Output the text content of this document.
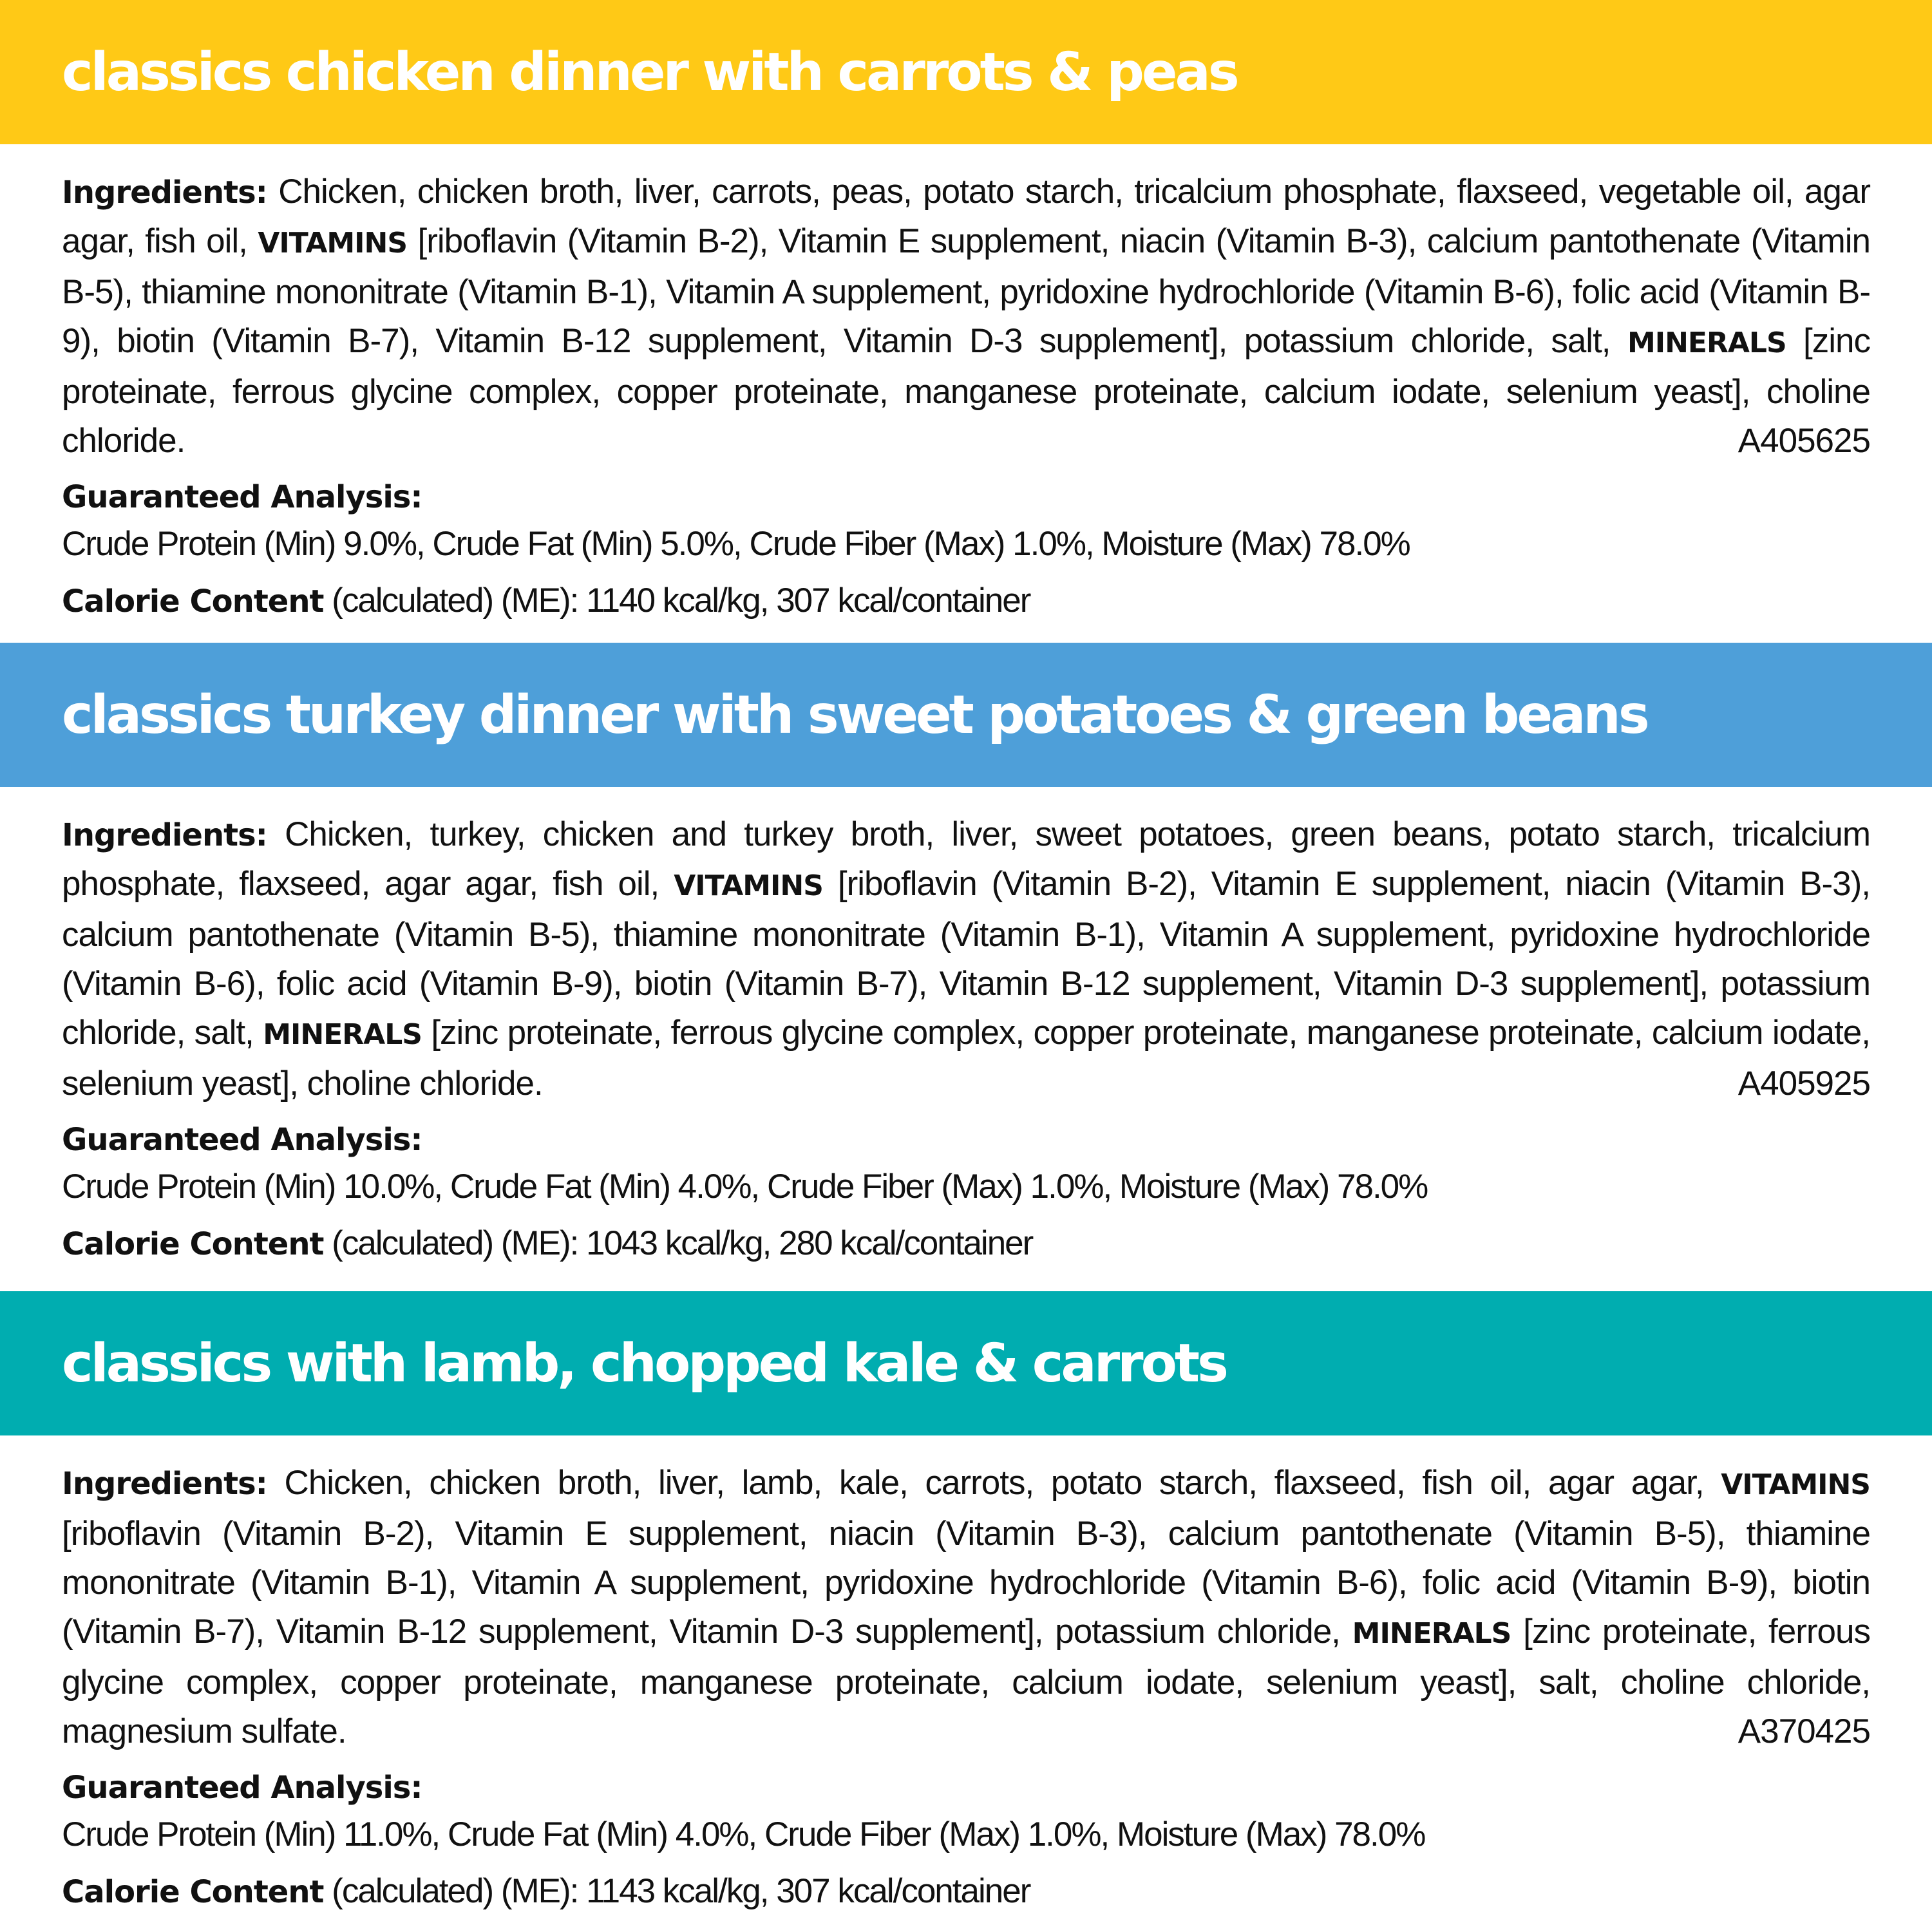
classics chicken dinner with carrots & peas
Ingredients: Chicken, chicken broth, liver, carrots, peas, potato starch, tricalcium phosphate, flaxseed, vegetable oil, agar agar, fish oil, VITAMINS [riboflavin (Vitamin B-2), Vitamin E supplement, niacin (Vitamin B-3), calcium pantothenate (Vitamin B-5), thiamine mononitrate (Vitamin B-1), Vitamin A supplement, pyridoxine hydrochloride (Vitamin B-6), folic acid (Vitamin B-9), biotin (Vitamin B-7), Vitamin B-12 supplement, Vitamin D-3 supplement], potassium chloride, salt, MINERALS [zinc proteinate, ferrous glycine complex, copper proteinate, manganese proteinate, calcium iodate, selenium yeast], choline chloride.	A405625
Guaranteed Analysis:
Crude Protein (Min) 9.0%, Crude Fat (Min) 5.0%, Crude Fiber (Max) 1.0%, Moisture (Max) 78.0%
Calorie Content (calculated) (ME): 1140 kcal/kg, 307 kcal/container
classics turkey dinner with sweet potatoes & green beans
Ingredients: Chicken, turkey, chicken and turkey broth, liver, sweet potatoes, green beans, potato starch, tricalcium phosphate, flaxseed, agar agar, fish oil, VITAMINS [riboflavin (Vitamin B-2), Vitamin E supplement, niacin (Vitamin B-3), calcium pantothenate (Vitamin B-5), thiamine mononitrate (Vitamin B-1), Vitamin A supplement, pyridoxine hydrochloride (Vitamin B-6), folic acid (Vitamin B-9), biotin (Vitamin B-7), Vitamin B-12 supplement, Vitamin D-3 supplement], potassium chloride, salt, MINERALS [zinc proteinate, ferrous glycine complex, copper proteinate, manganese proteinate, calcium iodate, selenium yeast], choline chloride.	A405925
Guaranteed Analysis:
Crude Protein (Min) 10.0%, Crude Fat (Min) 4.0%, Crude Fiber (Max) 1.0%, Moisture (Max) 78.0%
Calorie Content (calculated) (ME): 1043 kcal/kg, 280 kcal/container
classics with lamb, chopped kale & carrots
Ingredients: Chicken, chicken broth, liver, lamb, kale, carrots, potato starch, flaxseed, fish oil, agar agar, VITAMINS [riboflavin (Vitamin B-2), Vitamin E supplement, niacin (Vitamin B-3), calcium pantothenate (Vitamin B-5), thiamine mononitrate (Vitamin B-1), Vitamin A supplement, pyridoxine hydrochloride (Vitamin B-6), folic acid (Vitamin B-9), biotin (Vitamin B-7), Vitamin B-12 supplement, Vitamin D-3 supplement], potassium chloride, MINERALS [zinc proteinate, ferrous glycine complex, copper proteinate, manganese proteinate, calcium iodate, selenium yeast], salt, choline chloride, magnesium sulfate.	A370425
Guaranteed Analysis:
Crude Protein (Min) 11.0%, Crude Fat (Min) 4.0%, Crude Fiber (Max) 1.0%, Moisture (Max) 78.0%
Calorie Content (calculated) (ME): 1143 kcal/kg, 307 kcal/container
